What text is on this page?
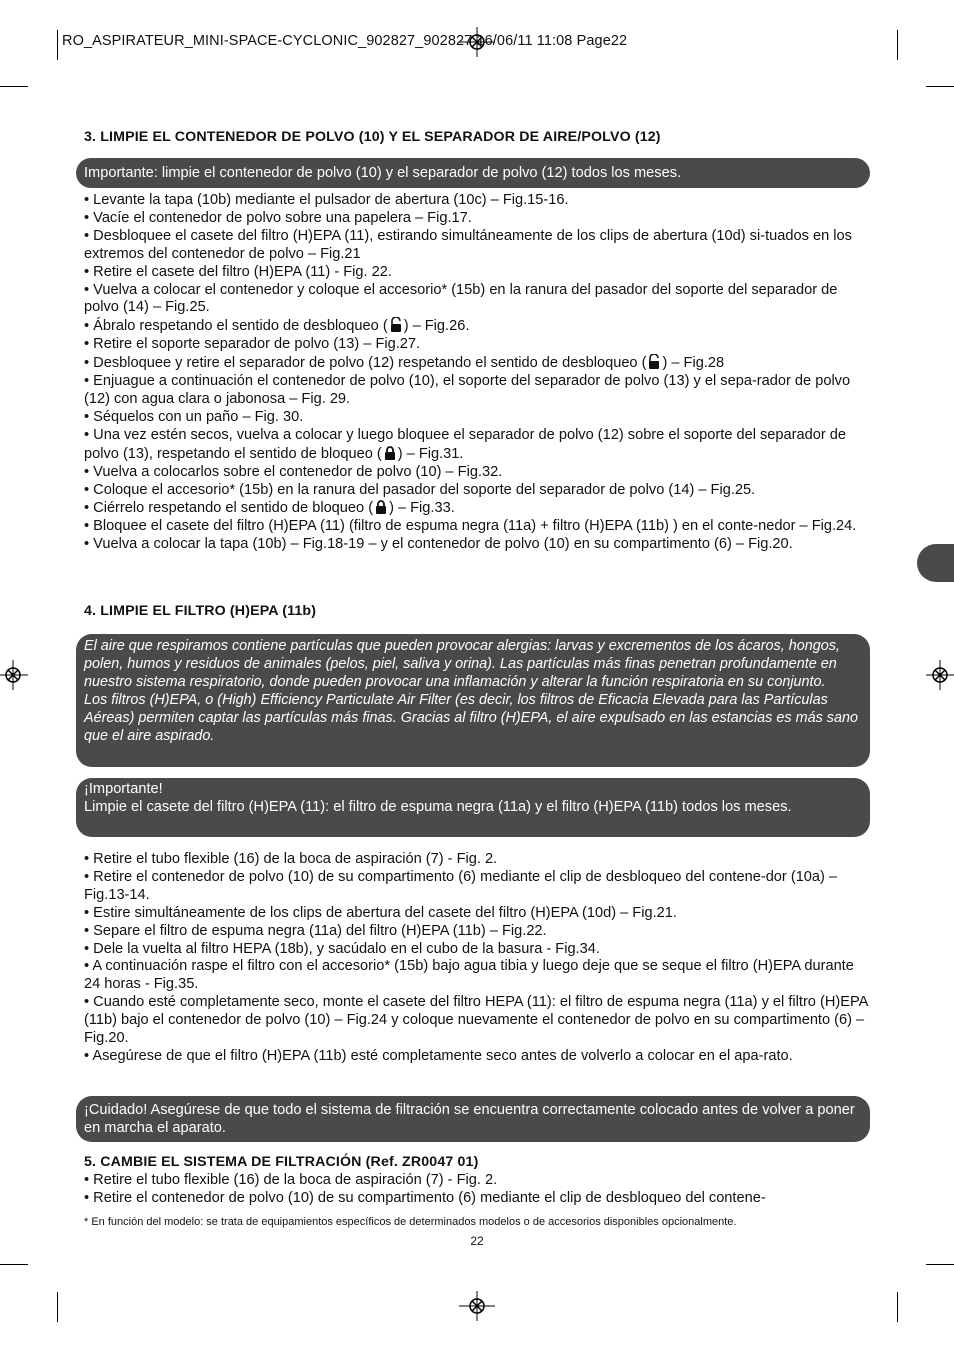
RO_ASPIRATEUR_MINI-SPACE-CYCLONIC_902827_902827 16/06/11 11:08 Page22
3. LIMPIE EL CONTENEDOR DE POLVO (10) Y EL SEPARADOR DE AIRE/POLVO (12)

Importante: limpie el contenedor de polvo (10) y el separador de polvo (12) todos los meses.

• Levante la tapa (10b) mediante el pulsador de abertura (10c) – Fig.15-16.

• Vacíe el contenedor de polvo sobre una papelera – Fig.17.

• Desbloquee el casete del filtro (H)EPA (11), estirando simultáneamente de los clips de abertura (10d) si-tuados en los extremos del contenedor de polvo – Fig.21

• Retire el casete del filtro (H)EPA (11) - Fig. 22.

• Vuelva a colocar el contenedor y coloque el accesorio* (15b) en la ranura del pasador del soporte del separador de polvo (14) – Fig.25.

• Ábralo respetando el sentido de desbloqueo ( ) – Fig.26.

• Retire el soporte separador de polvo (13) – Fig.27.

• Desbloquee y retire el separador de polvo (12) respetando el sentido de desbloqueo ( ) – Fig.28

• Enjuague a continuación el contenedor de polvo (10), el soporte del separador de polvo (13) y el sepa-rador de polvo (12) con agua clara o jabonosa – Fig. 29.

• Séquelos con un paño – Fig. 30.

• Una vez estén secos, vuelva a colocar y luego bloquee el separador de polvo (12) sobre el soporte del separador de polvo (13), respetando el sentido de bloqueo ( ) – Fig.31.

• Vuelva a colocarlos sobre el contenedor de polvo (10) – Fig.32.

• Coloque el accesorio* (15b) en la ranura del pasador del soporte del separador de polvo (14) – Fig.25.

• Ciérrelo respetando el sentido de bloqueo ( ) – Fig.33.

• Bloquee el casete del filtro (H)EPA (11) (filtro de espuma negra (11a) + filtro (H)EPA (11b) ) en el conte-nedor – Fig.24.

• Vuelva a colocar la tapa (10b) – Fig.18-19 – y el contenedor de polvo (10) en su compartimento (6) – Fig.20.

4. LIMPIE EL FILTRO (H)EPA (11b)

El aire que respiramos contiene partículas que pueden provocar alergias: larvas y excrementos de los ácaros, hongos, polen, humos y residuos de animales (pelos, piel, saliva y orina). Las partículas más finas penetran profundamente en nuestro sistema respiratorio, donde pueden provocar una inflamación y alterar la función respiratoria en su conjunto.

Los filtros (H)EPA, o (High) Efficiency Particulate Air Filter (es decir, los filtros de Eficacia Elevada para las Partículas Aéreas) permiten captar las partículas más finas. Gracias al filtro (H)EPA, el aire expulsado en las estancias es más sano que el aire aspirado.

¡Importante!

Limpie el casete del filtro (H)EPA (11): el filtro de espuma negra (11a) y el filtro (H)EPA (11b) todos los meses.

• Retire el tubo flexible (16) de la boca de aspiración (7) - Fig. 2.

• Retire el contenedor de polvo (10) de su compartimento (6) mediante el clip de desbloqueo del contene-dor (10a) – Fig.13-14.

• Estire simultáneamente de los clips de abertura del casete del filtro (H)EPA (10d) – Fig.21.

• Separe el filtro de espuma negra (11a) del filtro (H)EPA (11b) – Fig.22.

• Dele la vuelta al filtro HEPA (18b), y sacúdalo en el cubo de la basura - Fig.34.

• A continuación raspe el filtro con el accesorio* (15b) bajo agua tibia y luego deje que se seque el filtro (H)EPA durante 24 horas - Fig.35.

• Cuando esté completamente seco, monte el casete del filtro HEPA (11): el filtro de espuma negra (11a) y el filtro (H)EPA (11b) bajo el contenedor de polvo (10) – Fig.24 y coloque nuevamente el contenedor de polvo en su compartimento (6) – Fig.20.

• Asegúrese de que el filtro (H)EPA (11b) esté completamente seco antes de volverlo a colocar en el apa-rato.

¡Cuidado! Asegúrese de que todo el sistema de filtración se encuentra correctamente colocado antes de volver a poner en marcha el aparato.

5. CAMBIE EL SISTEMA DE FILTRACIÓN (Ref. ZR0047 01)

• Retire el tubo flexible (16) de la boca de aspiración (7) - Fig. 2.

• Retire el contenedor de polvo (10) de su compartimento (6) mediante el clip de desbloqueo del contene-

* En función del modelo: se trata de equipamientos específicos de determinados modelos o de accesorios disponibles opcionalmente.
22
